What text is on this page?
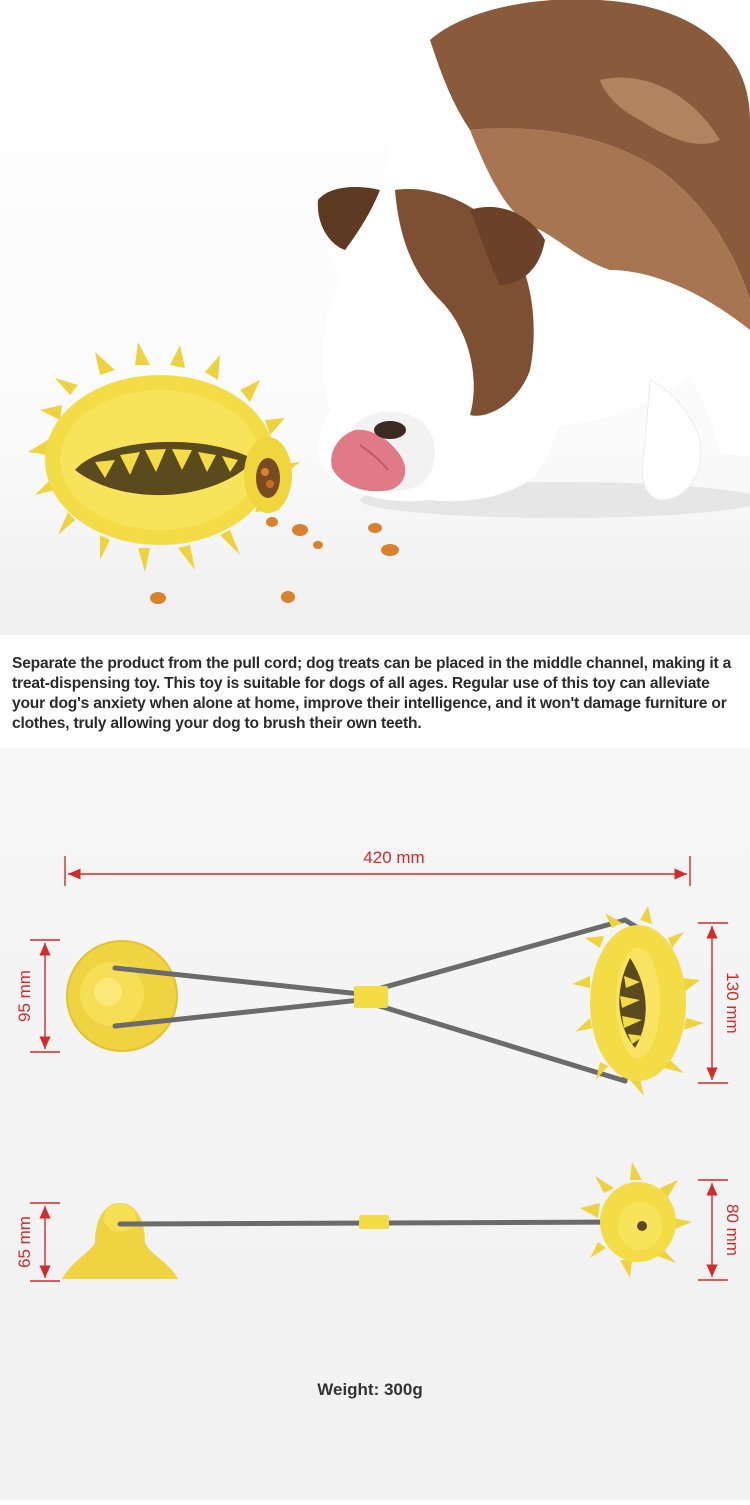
Separate the product from the pull cord; dog treats can be placed in the middle channel, making it a treat-dispensing toy. This toy is suitable for dogs of all ages. Regular use of this toy can alleviate your dog's anxiety when alone at home, improve their intelligence, and it won't damage furniture or clothes, truly allowing your dog to brush their own teeth.

420 mm
95 mm	130 mm
65 mm	80 mm
Weight: 300g
